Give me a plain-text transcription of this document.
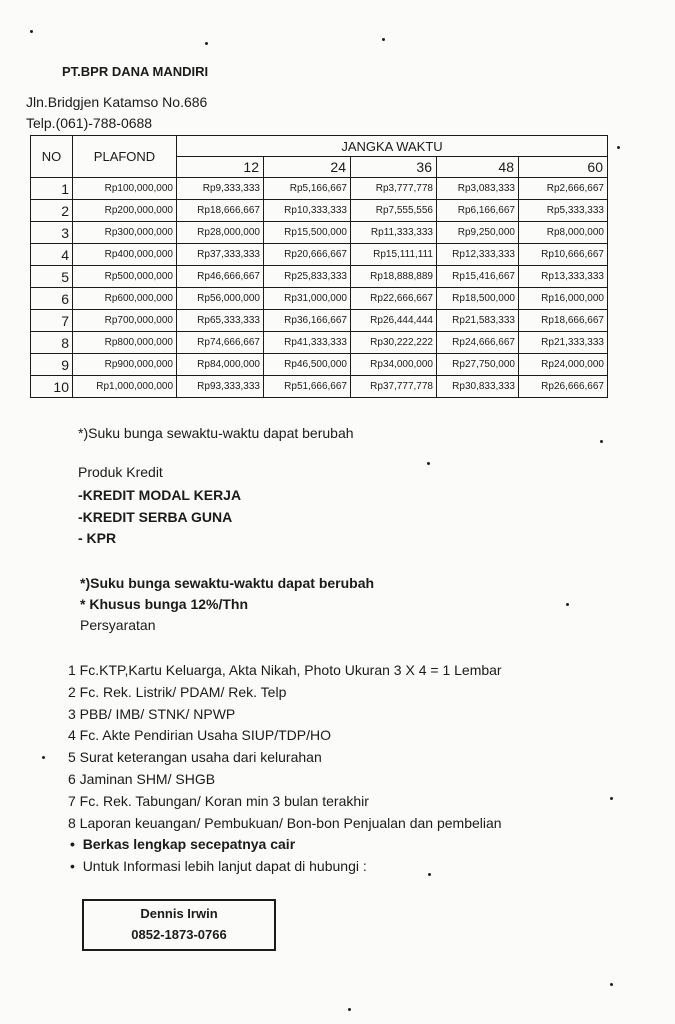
PT.BPR DANA MANDIRI
Jln.Bridgjen Katamso No.686
Telp.(061)-788-0688
NO	PLAFOND	JANGKA WAKTU				
		12	24	36	48	60
1	Rp100,000,000	Rp9,333,333	Rp5,166,667	Rp3,777,778	Rp3,083,333	Rp2,666,667
2	Rp200,000,000	Rp18,666,667	Rp10,333,333	Rp7,555,556	Rp6,166,667	Rp5,333,333
3	Rp300,000,000	Rp28,000,000	Rp15,500,000	Rp11,333,333	Rp9,250,000	Rp8,000,000
4	Rp400,000,000	Rp37,333,333	Rp20,666,667	Rp15,111,111	Rp12,333,333	Rp10,666,667
5	Rp500,000,000	Rp46,666,667	Rp25,833,333	Rp18,888,889	Rp15,416,667	Rp13,333,333
6	Rp600,000,000	Rp56,000,000	Rp31,000,000	Rp22,666,667	Rp18,500,000	Rp16,000,000
7	Rp700,000,000	Rp65,333,333	Rp36,166,667	Rp26,444,444	Rp21,583,333	Rp18,666,667
8	Rp800,000,000	Rp74,666,667	Rp41,333,333	Rp30,222,222	Rp24,666,667	Rp21,333,333
9	Rp900,000,000	Rp84,000,000	Rp46,500,000	Rp34,000,000	Rp27,750,000	Rp24,000,000
10	Rp1,000,000,000	Rp93,333,333	Rp51,666,667	Rp37,777,778	Rp30,833,333	Rp26,666,667
*)Suku bunga sewaktu-waktu dapat berubah
Produk Kredit
-KREDIT MODAL KERJA
-KREDIT SERBA GUNA
- KPR
*)Suku bunga sewaktu-waktu dapat berubah
* Khusus bunga 12%/Thn
Persyaratan
1 Fc.KTP,Kartu Keluarga, Akta Nikah, Photo Ukuran 3 X 4 = 1 Lembar
2 Fc. Rek. Listrik/ PDAM/ Rek. Telp
3 PBB/ IMB/ STNK/ NPWP
4 Fc. Akte Pendirian Usaha SIUP/TDP/HO
5 Surat keterangan usaha dari kelurahan
6 Jaminan SHM/ SHGB
7 Fc. Rek. Tabungan/ Koran min 3 bulan terakhir
8 Laporan keuangan/ Pembukuan/ Bon-bon Penjualan dan pembelian
•  Berkas lengkap secepatnya cair
•  Untuk Informasi lebih lanjut dapat di hubungi :
Dennis Irwin
0852-1873-0766
